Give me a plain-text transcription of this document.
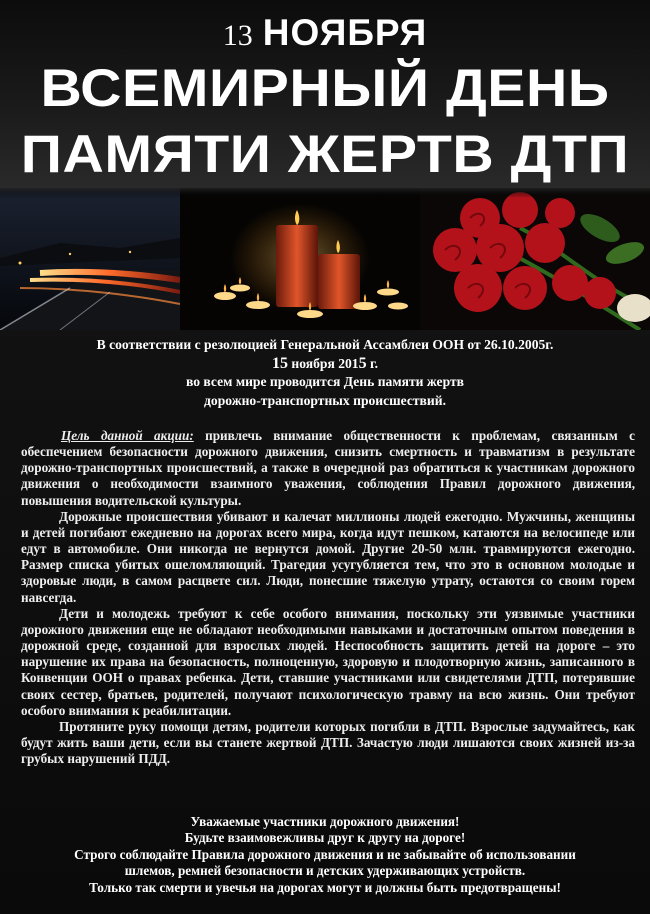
13 НОЯБРЯ
ВСЕМИРНЫЙ ДЕНЬ
ПАМЯТИ ЖЕРТВ ДТП
В соответствии с резолюцией Генеральной Ассамблеи ООН от 26.10.2005г.
15 ноября 2015 г.
во всем мире проводится День памяти жертв
дорожно-транспортных происшествий.

Цель данной акции: привлечь внимание общественности к проблемам, связанным с обеспечением безопасности дорожного движения, снизить смертность и травматизм в результате дорожно-транспортных происшествий, а также в очередной раз обратиться к участникам дорожного движения о необходимости взаимного уважения, соблюдения Правил дорожного движения, повышения водительской культуры.

Дорожные происшествия убивают и калечат миллионы людей ежегодно. Мужчины, женщины и детей погибают ежедневно на дорогах всего мира, когда идут пешком, катаются на велосипеде или едут в автомобиле. Они никогда не вернутся домой. Другие 20-50 млн. травмируются ежегодно. Размер списка убитых ошеломляющий. Трагедия усугубляется тем, что это в основном молодые и здоровые люди, в самом расцвете сил. Люди, понесшие тяжелую утрату, остаются со своим горем навсегда.

Дети и молодежь требуют к себе особого внимания, поскольку эти уязвимые участники дорожного движения еще не обладают необходимыми навыками и достаточным опытом поведения в дорожной среде, созданной для взрослых людей. Неспособность защитить детей на дороге – это нарушение их права на безопасность, полноценную, здоровую и плодотворную жизнь, записанного в Конвенции ООН о правах ребенка. Дети, ставшие участниками или свидетелями ДТП, потерявшие своих сестер, братьев, родителей, получают психологическую травму на всю жизнь. Они требуют особого внимания к реабилитации.

Протяните руку помощи детям, родители которых погибли в ДТП. Взрослые задумайтесь, как будут жить ваши дети, если вы станете жертвой ДТП. Зачастую люди лишаются своих жизней из-за грубых нарушений ПДД.

Уважаемые участники дорожного движения!
Будьте взаимовежливы друг к другу на дороге!
Строго соблюдайте Правила дорожного движения и не забывайте об использовании
шлемов, ремней безопасности и детских удерживающих устройств.
Только так смерти и увечья на дорогах могут и должны быть предотвращены!
